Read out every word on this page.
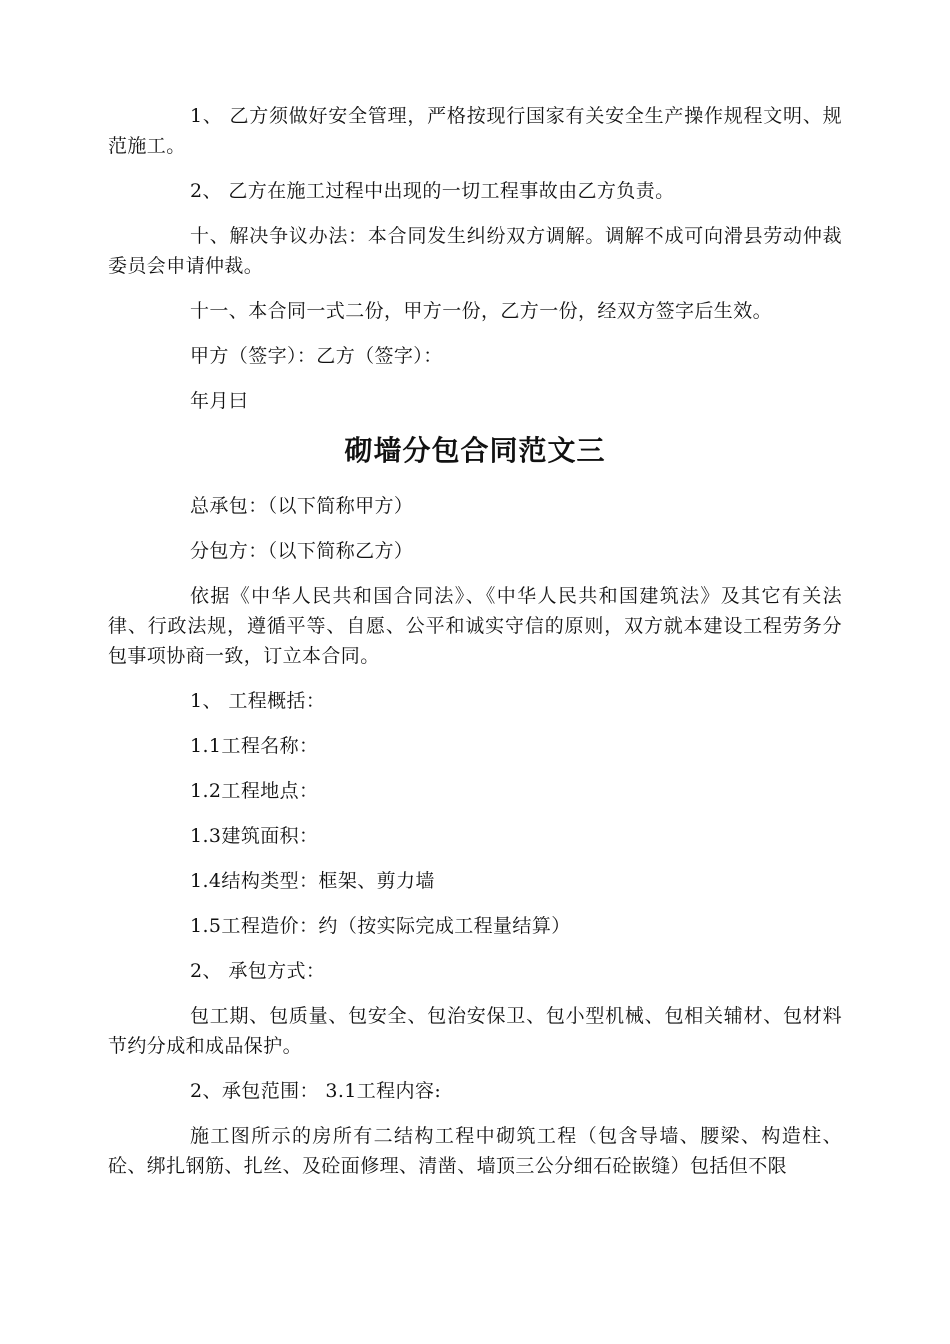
1、 乙方须做好安全管理，严格按现行国家有关安全生产操作规程文明、规范施工。

2、 乙方在施工过程中出现的一切工程事故由乙方负责。

十、解决争议办法：本合同发生纠纷双方调解。调解不成可向滑县劳动仲裁委员会申请仲裁。

十一、本合同一式二份，甲方一份，乙方一份，经双方签字后生效。

甲方（签字）：乙方（签字）：

年月曰

砌墙分包合同范文三

总承包：（以下简称甲方）

分包方：（以下简称乙方）

依据《中华人民共和国合同法》、《中华人民共和国建筑法》及其它有关法律、行政法规，遵循平等、自愿、公平和诚实守信的原则，双方就本建设工程劳务分包事项协商一致，订立本合同。

1、 工程概括：

1.1工程名称：

1.2工程地点：

1.3建筑面积：

1.4结构类型：框架、剪力墙

1.5工程造价：约（按实际完成工程量结算）

2、 承包方式：

包工期、包质量、包安全、包治安保卫、包小型机械、包相关辅材、包材料节约分成和成品保护。

2、承包范围： 3.1工程内容:

施工图所示的房所有二结构工程中砌筑工程（包含导墙、腰梁、构造柱、砼、绑扎钢筋、扎丝、及砼面修理、清凿、墙顶三公分细石砼嵌缝）包括但不限
